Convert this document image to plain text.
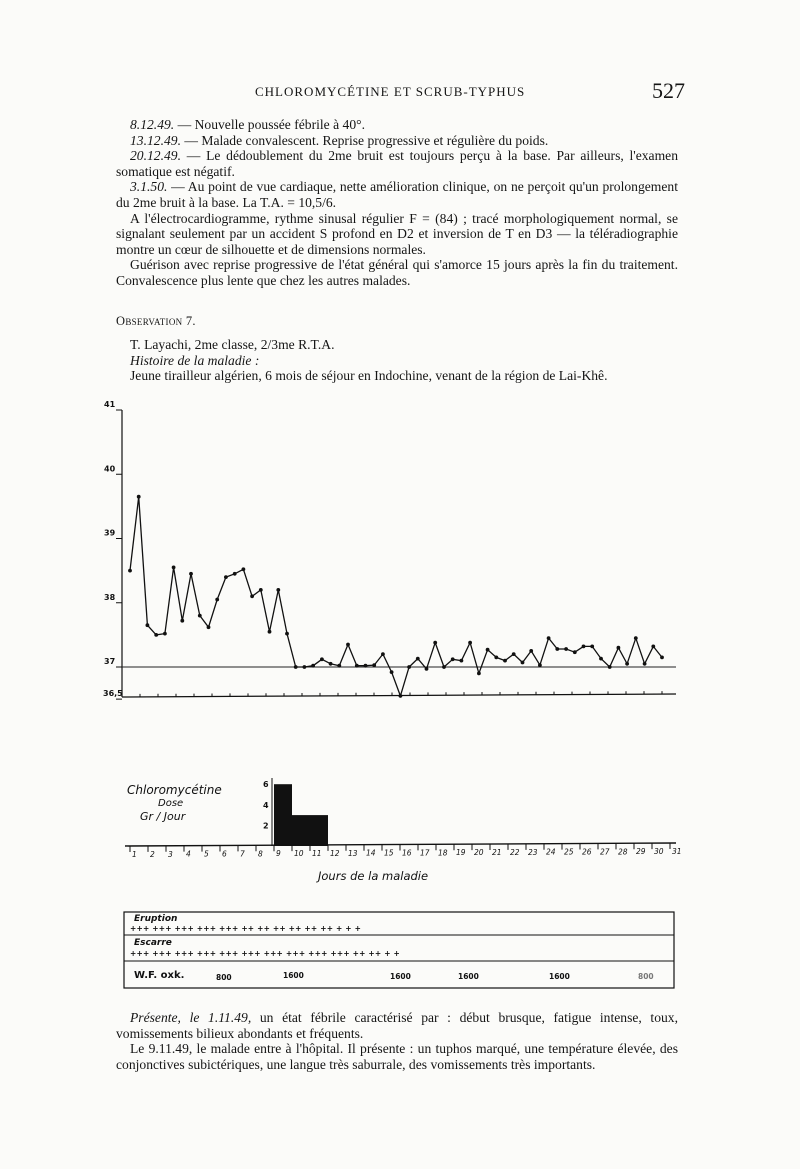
CHLOROMYCÉTINE ET SCRUB-TYPHUS	527

8.12.49. — Nouvelle poussée fébrile à 40°.

13.12.49. — Malade convalescent. Reprise progressive et régulière du poids.

20.12.49. — Le dédoublement du 2me bruit est toujours perçu à la base. Par ailleurs, l'examen somatique est négatif.

3.1.50. — Au point de vue cardiaque, nette amélioration clinique, on ne perçoit qu'un prolongement du 2me bruit à la base. La T.A. = 10,5/6.

A l'électrocardiogramme, rythme sinusal régulier F = (84) ; tracé morphologiquement normal, se signalant seulement par un accident S profond en D2 et inversion de T en D3 — la téléradiographie montre un cœur de silhouette et de dimensions normales.

Guérison avec reprise progressive de l'état général qui s'amorce 15 jours après la fin du traitement. Convalescence plus lente que chez les autres malades.

Observation 7.

T. Layachi, 2me classe, 2/3me R.T.A.

Histoire de la maladie :

Jeune tirailleur algérien, 6 mois de séjour en Indochine, venant de la région de Lai-Khê.

41
40
39
38
37
36,5
Chloromycétine
Dose
Gr / Jour
6
4
2
1 2 3 4 5 6 7 8 9 10 11 12 13 14 15 16 17 18 19 20 21 22 23 24 25 26 27 28 29 30 31
Jours de la maladie
Eruption
+++ +++ +++ +++ +++ ++ ++ ++ ++ ++ ++ + + +
Escarre
+++ +++ +++ +++ +++ +++ +++ +++ +++ +++ ++ ++ + +
W.F. oxk.	800	1600	1600	1600	1600	800

Présente, le 1.11.49, un état fébrile caractérisé par : début brusque, fatigue intense, toux, vomissements bilieux abondants et fréquents.

Le 9.11.49, le malade entre à l'hôpital. Il présente : un tuphos marqué, une température élevée, des conjonctives subictériques, une langue très saburrale, des vomissements très importants.
